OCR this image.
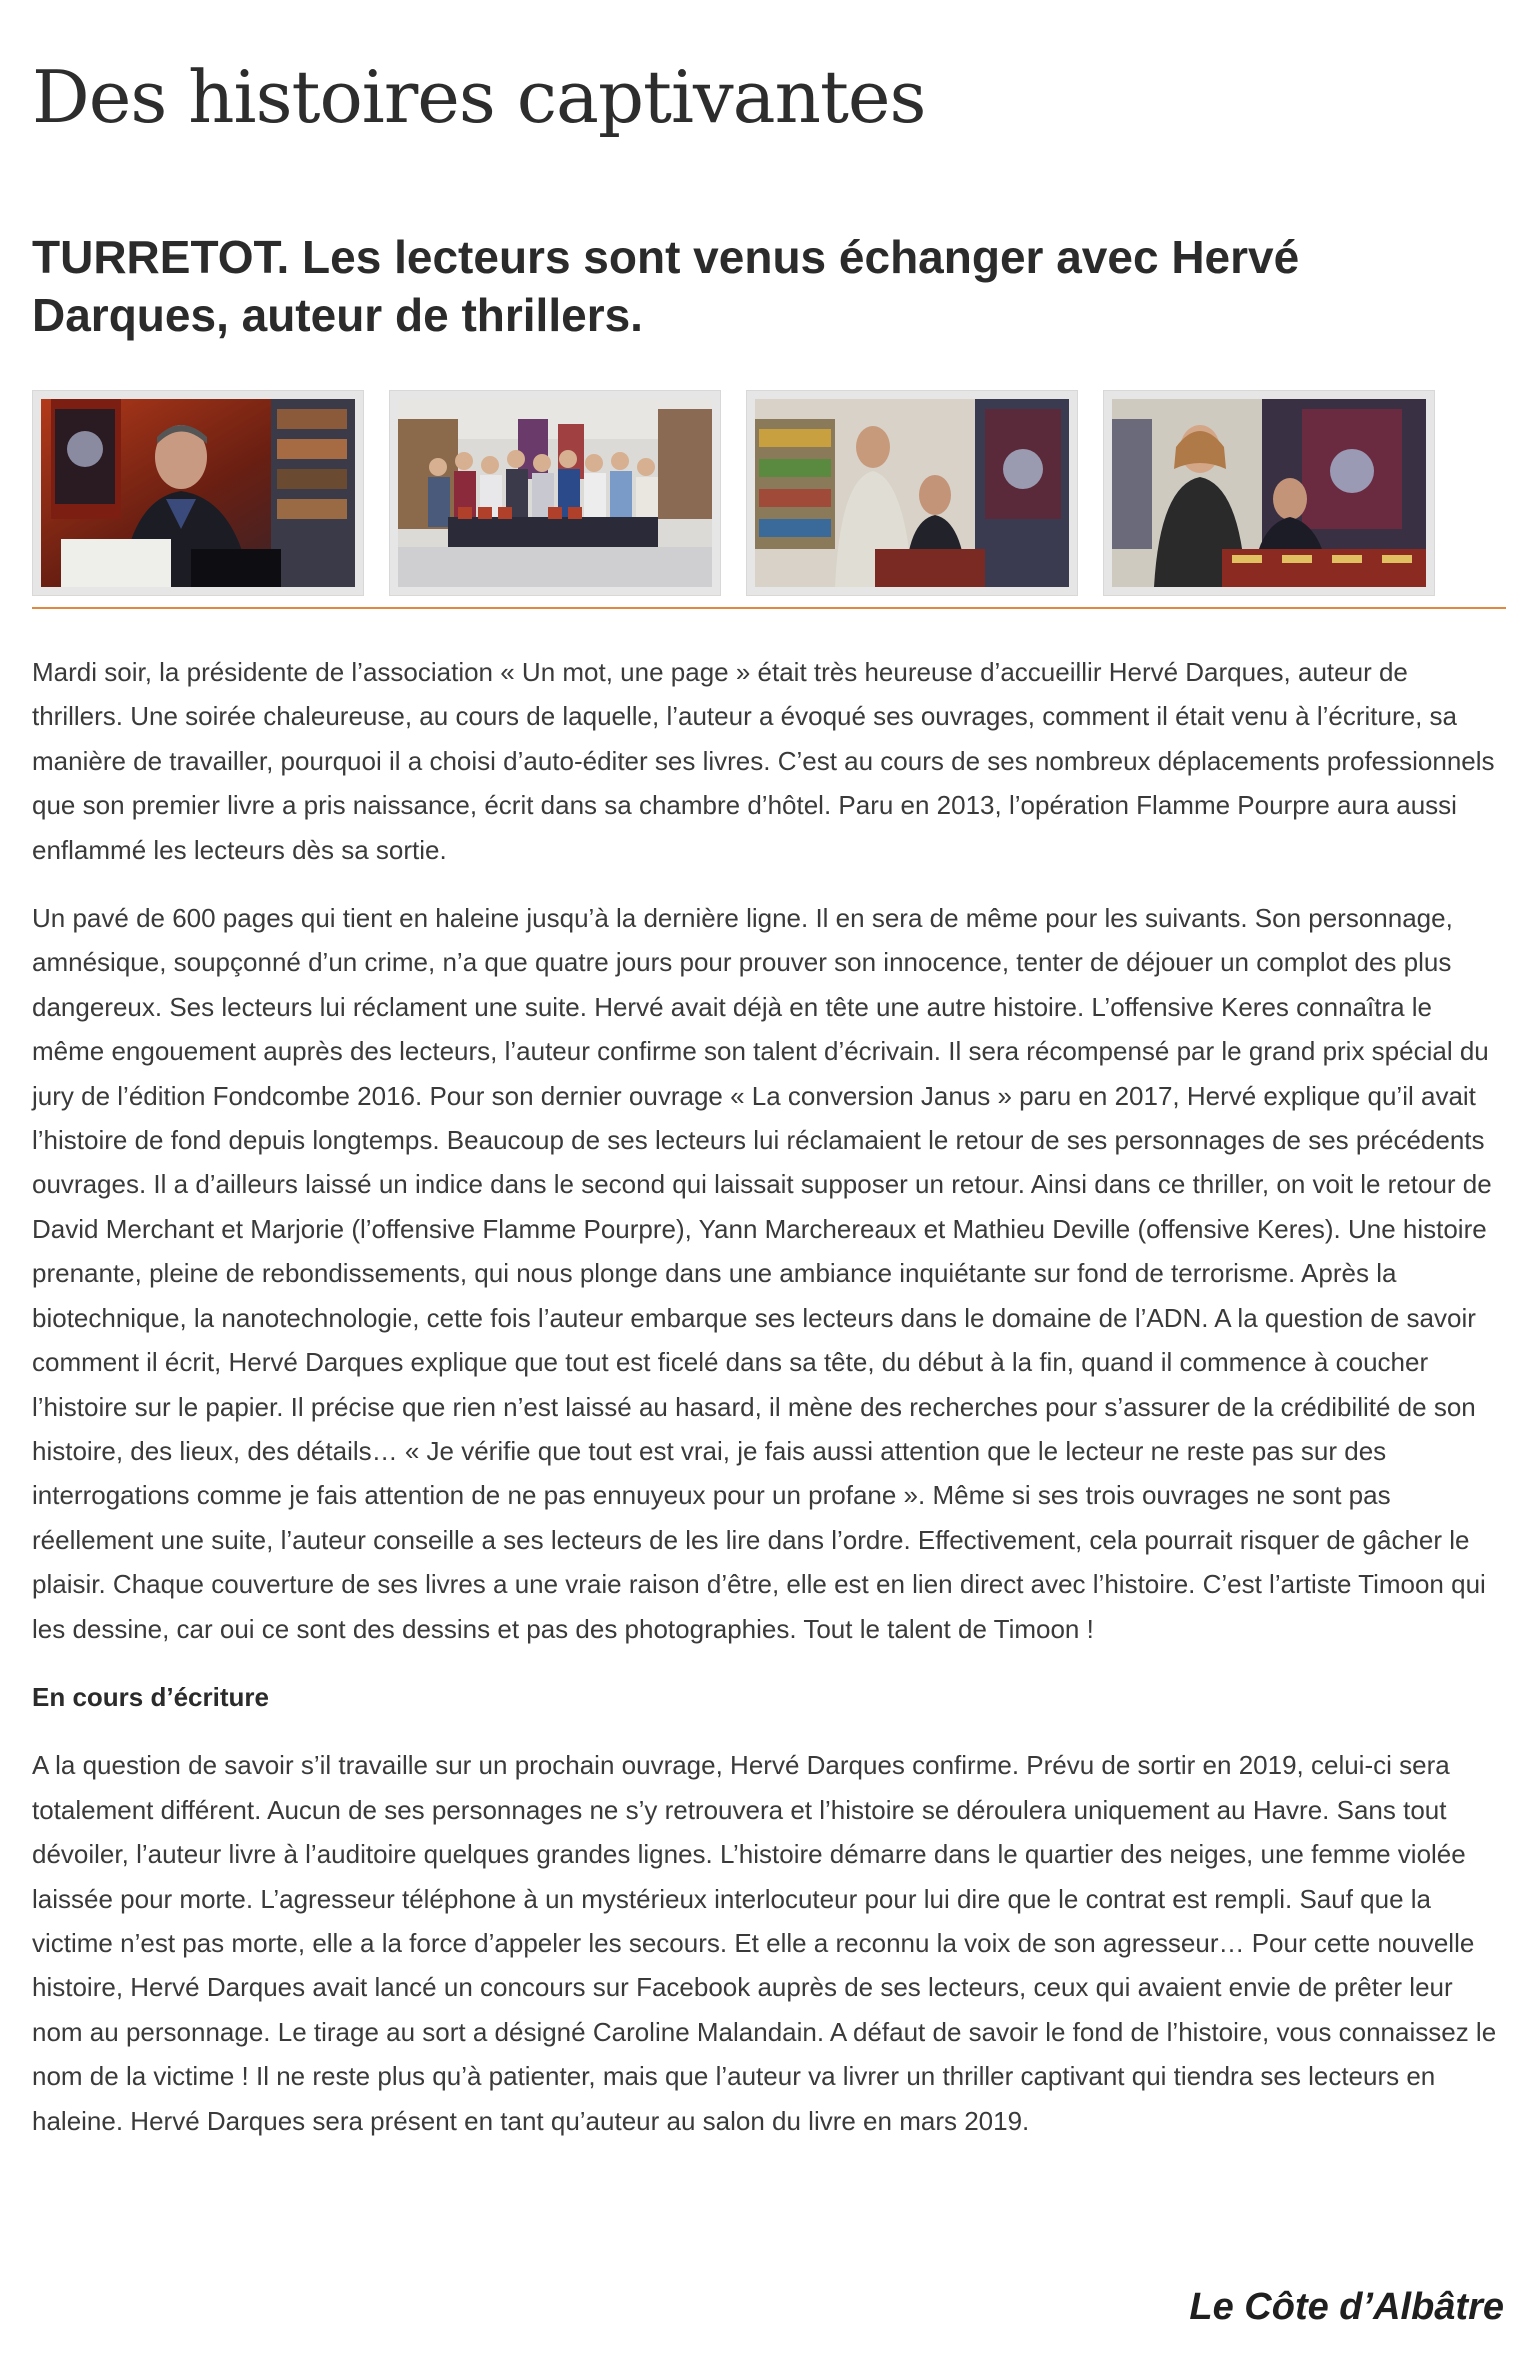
Des histoires captivantes
TURRETOT. Les lecteurs sont venus échanger avec Hervé Darques, auteur de thrillers.

Mardi soir, la présidente de l’association « Un mot, une page » était très heureuse d’accueillir Hervé Darques, auteur de thrillers. Une soirée chaleureuse, au cours de laquelle, l’auteur a évoqué ses ouvrages, comment il était venu à l’écriture, sa manière de travailler, pourquoi il a choisi d’auto-éditer ses livres. C’est au cours de ses nombreux déplacements professionnels que son premier livre a pris naissance, écrit dans sa chambre d’hôtel. Paru en 2013, l’opération Flamme Pourpre aura aussi enflammé les lecteurs dès sa sortie.

Un pavé de 600 pages qui tient en haleine jusqu’à la dernière ligne. Il en sera de même pour les suivants. Son personnage, amnésique, soupçonné d’un crime, n’a que quatre jours pour prouver son innocence, tenter de déjouer un complot des plus dangereux. Ses lecteurs lui réclament une suite. Hervé avait déjà en tête une autre histoire. L’offensive Keres connaîtra le même engouement auprès des lecteurs, l’auteur confirme son talent d’écrivain. Il sera récompensé par le grand prix spécial du jury de l’édition Fondcombe 2016. Pour son dernier ouvrage « La conversion Janus » paru en 2017, Hervé explique qu’il avait l’histoire de fond depuis longtemps. Beaucoup de ses lecteurs lui réclamaient le retour de ses personnages de ses précédents ouvrages. Il a d’ailleurs laissé un indice dans le second qui laissait supposer un retour. Ainsi dans ce thriller, on voit le retour de David Merchant et Marjorie (l’offensive Flamme Pourpre), Yann Marchereaux et Mathieu Deville (offensive Keres). Une histoire prenante, pleine de rebondissements, qui nous plonge dans une ambiance inquiétante sur fond de terrorisme. Après la biotechnique, la nanotechnologie, cette fois l’auteur embarque ses lecteurs dans le domaine de l’ADN. A la question de savoir comment il écrit, Hervé Darques explique que tout est ficelé dans sa tête, du début à la fin, quand il commence à coucher l’histoire sur le papier. Il précise que rien n’est laissé au hasard, il mène des recherches pour s’assurer de la crédibilité de son histoire, des lieux, des détails… « Je vérifie que tout est vrai, je fais aussi attention que le lecteur ne reste pas sur des interrogations comme je fais attention de ne pas ennuyeux pour un profane ». Même si ses trois ouvrages ne sont pas réellement une suite, l’auteur conseille a ses lecteurs de les lire dans l’ordre. Effectivement, cela pourrait risquer de gâcher le plaisir. Chaque couverture de ses livres a une vraie raison d’être, elle est en lien direct avec l’histoire. C’est l’artiste Timoon qui les dessine, car oui ce sont des dessins et pas des photographies. Tout le talent de Timoon !

En cours d’écriture

A la question de savoir s’il travaille sur un prochain ouvrage, Hervé Darques confirme. Prévu de sortir en 2019, celui-ci sera totalement différent. Aucun de ses personnages ne s’y retrouvera et l’histoire se déroulera uniquement au Havre. Sans tout dévoiler, l’auteur livre à l’auditoire quelques grandes lignes. L’histoire démarre dans le quartier des neiges, une femme violée laissée pour morte. L’agresseur téléphone à un mystérieux interlocuteur pour lui dire que le contrat est rempli. Sauf que la victime n’est pas morte, elle a la force d’appeler les secours. Et elle a reconnu la voix de son agresseur… Pour cette nouvelle histoire, Hervé Darques avait lancé un concours sur Facebook auprès de ses lecteurs, ceux qui avaient envie de prêter leur nom au personnage. Le tirage au sort a désigné Caroline Malandain. A défaut de savoir le fond de l’histoire, vous connaissez le nom de la victime ! Il ne reste plus qu’à patienter, mais que l’auteur va livrer un thriller captivant qui tiendra ses lecteurs en haleine. Hervé Darques sera présent en tant qu’auteur au salon du livre en mars 2019.

Le Côte d’Albâtre
